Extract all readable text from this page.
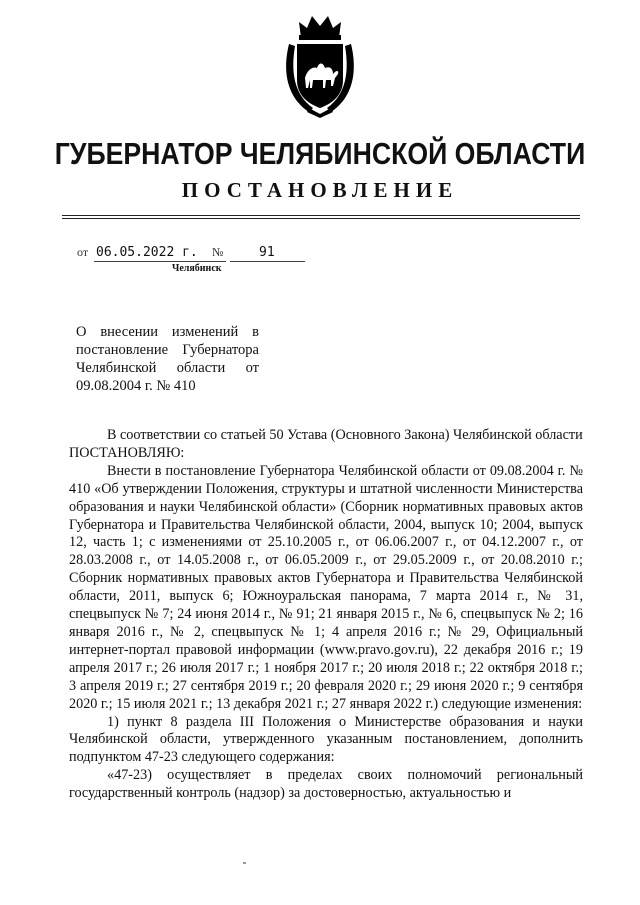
ГУБЕРНАТОР ЧЕЛЯБИНСКОЙ ОБЛАСТИ
ПОСТАНОВЛЕНИЕ
от 06.05.2022 г. №	91
Челябинск
О внесении изменений в постановление Губернатора Челябинской области от 09.08.2004 г. № 410

В соответствии со статьей 50 Устава (Основного Закона) Челябинской области

ПОСТАНОВЛЯЮ:

Внести в постановление Губернатора Челябинской области от 09.08.2004 г. № 410 «Об утверждении Положения, структуры и штатной численности Министерства образования и науки Челябинской области» (Сборник нормативных правовых актов Губернатора и Правительства Челябинской области, 2004, выпуск 10; 2004, выпуск 12, часть 1; с изменениями от 25.10.2005 г., от 06.06.2007 г., от 04.12.2007 г., от 28.03.2008 г., от 14.05.2008 г., от 06.05.2009 г., от 29.05.2009 г., от 20.08.2010 г.; Сборник нормативных правовых актов Губернатора и Правительства Челябинской области, 2011, выпуск 6; Южноуральская панорама, 7 марта 2014 г., № 31, спецвыпуск № 7; 24 июня 2014 г., № 91; 21 января 2015 г., № 6, спецвыпуск № 2; 16 января 2016 г., № 2, спецвыпуск № 1; 4 апреля 2016 г.; № 29, Официальный интернет-портал правовой информации (www.pravo.gov.ru), 22 декабря 2016 г.; 19 апреля 2017 г.; 26 июля 2017 г.; 1 ноября 2017 г.; 20 июля 2018 г.; 22 октября 2018 г.; 3 апреля 2019 г.; 27 сентября 2019 г.; 20 февраля 2020 г.; 29 июня 2020 г.; 9 сентября 2020 г.; 15 июля 2021 г.; 13 декабря 2021 г.; 27 января 2022 г.) следующие изменения:

1) пункт 8 раздела III Положения о Министерстве образования и науки Челябинской области, утвержденного указанным постановлением, дополнить подпунктом 47-23 следующего содержания:

«47-23) осуществляет в пределах своих полномочий региональный государственный контроль (надзор) за достоверностью, актуальностью и
